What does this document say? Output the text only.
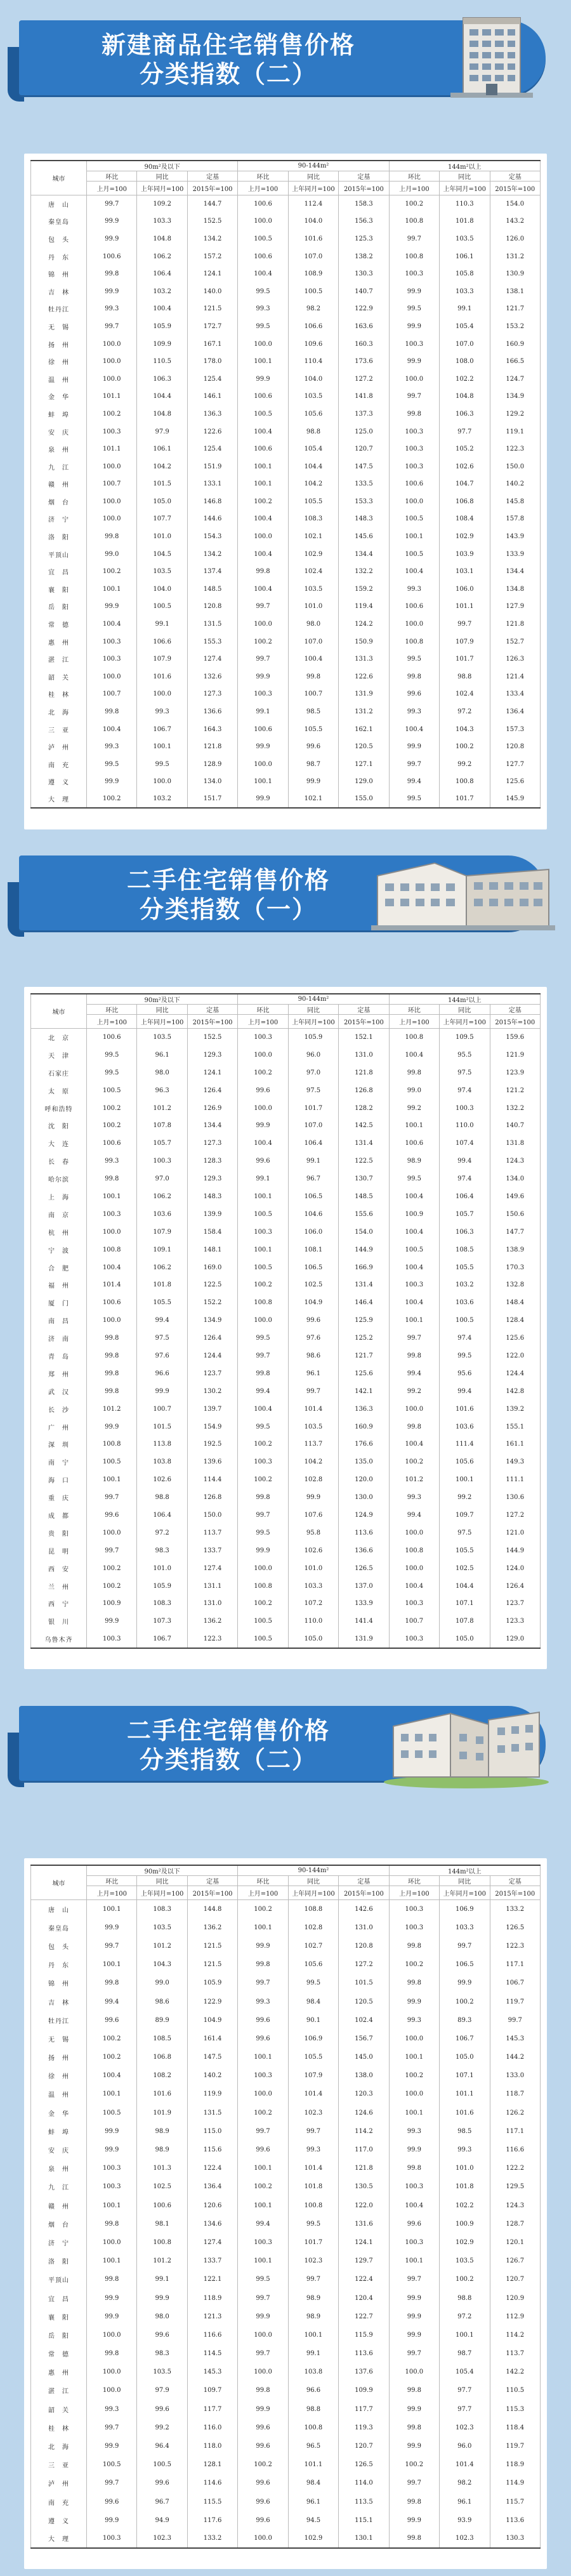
新建商品住宅销售价格
分类指数（二）
城市	90m²及以下			90-144m²			144m²以上		
	环比	同比	定基	环比	同比	定基	环比	同比	定基
	上月=100	上年同月=100	2015年=100	上月=100	上年同月=100	2015年=100	上月=100	上年同月=100	2015年=100
唐　山	99.7	109.2	144.7	100.6	112.4	158.3	100.2	110.3	154.0
秦皇岛	99.9	103.3	152.5	100.0	104.0	156.3	100.8	101.8	143.2
包　头	99.9	104.8	134.2	100.5	101.6	125.3	99.7	103.5	126.0
丹　东	100.6	106.2	157.2	100.6	107.0	138.2	100.8	106.1	131.2
锦　州	99.8	106.4	124.1	100.4	108.9	130.3	100.3	105.8	130.9
吉　林	99.9	103.2	140.0	99.5	100.5	140.7	99.9	103.3	138.1
牡丹江	99.3	100.4	121.5	99.3	98.2	122.9	99.5	99.1	121.7
无　锡	99.7	105.9	172.7	99.5	106.6	163.6	99.9	105.4	153.2
扬　州	100.0	109.9	167.1	100.0	109.6	160.3	100.3	107.0	160.9
徐　州	100.0	110.5	178.0	100.1	110.4	173.6	99.9	108.0	166.5
温　州	100.0	106.3	125.4	99.9	104.0	127.2	100.0	102.2	124.7
金　华	101.1	104.4	146.1	100.6	103.5	141.8	99.7	104.8	134.9
蚌　埠	100.2	104.8	136.3	100.5	105.6	137.3	99.8	106.3	129.2
安　庆	100.3	97.9	122.6	100.4	98.8	125.0	100.3	97.7	119.1
泉　州	101.1	106.1	125.4	100.6	105.4	120.7	100.3	105.2	122.3
九　江	100.0	104.2	151.9	100.1	104.4	147.5	100.3	102.6	150.0
赣　州	100.7	101.5	133.1	100.1	104.2	133.5	100.6	104.7	140.2
烟　台	100.0	105.0	146.8	100.2	105.5	153.3	100.0	106.8	145.8
济　宁	100.0	107.7	144.6	100.4	108.3	148.3	100.5	108.4	157.8
洛　阳	99.8	101.0	154.3	100.0	102.1	145.6	100.1	102.9	143.9
平顶山	99.0	104.5	134.2	100.4	102.9	134.4	100.5	103.9	133.9
宜　昌	100.2	103.5	137.4	99.8	102.4	132.2	100.4	103.1	134.4
襄　阳	100.1	104.0	148.5	100.4	103.5	159.2	99.3	106.0	134.8
岳　阳	99.9	100.5	120.8	99.7	101.0	119.4	100.6	101.1	127.9
常　德	100.4	99.1	131.5	100.0	98.0	124.2	100.0	99.7	121.8
惠　州	100.3	106.6	155.3	100.2	107.0	150.9	100.8	107.9	152.7
湛　江	100.3	107.9	127.4	99.7	100.4	131.3	99.5	101.7	126.3
韶　关	100.0	101.6	132.6	99.9	99.8	122.6	99.8	98.8	121.4
桂　林	100.7	100.0	127.3	100.3	100.7	131.9	99.6	102.4	133.4
北　海	99.8	99.3	136.6	99.1	98.5	131.2	99.3	97.2	136.4
三　亚	100.4	106.7	164.3	100.6	105.5	162.1	100.4	104.3	157.3
泸　州	99.3	100.1	121.8	99.9	99.6	120.5	99.9	100.2	120.8
南　充	99.5	99.5	128.9	100.0	98.7	127.1	99.7	99.2	127.7
遵　义	99.9	100.0	134.0	100.1	99.9	129.0	99.4	100.8	125.6
大　理	100.2	103.2	151.7	99.9	102.1	155.0	99.5	101.7	145.9
二手住宅销售价格
分类指数（一）
城市	90m²及以下			90-144m²			144m²以上		
	环比	同比	定基	环比	同比	定基	环比	同比	定基
	上月=100	上年同月=100	2015年=100	上月=100	上年同月=100	2015年=100	上月=100	上年同月=100	2015年=100
北　京	100.6	103.5	152.5	100.3	105.9	152.1	100.8	109.5	159.6
天　津	99.5	96.1	129.3	100.0	96.0	131.0	100.4	95.5	121.9
石家庄	99.5	98.0	124.1	100.2	97.0	121.8	99.8	97.5	123.9
太　原	100.5	96.3	126.4	99.6	97.5	126.8	99.0	97.4	121.2
呼和浩特	100.2	101.2	126.9	100.0	101.7	128.2	99.2	100.3	132.2
沈　阳	100.2	107.8	134.4	99.9	107.0	142.5	100.1	110.0	140.7
大　连	100.6	105.7	127.3	100.4	106.4	131.4	100.6	107.4	131.8
长　春	99.3	100.3	128.3	99.6	99.1	122.5	98.9	99.4	124.3
哈尔滨	99.8	97.0	129.3	99.1	96.7	130.7	99.5	97.4	134.0
上　海	100.1	106.2	148.3	100.1	106.5	148.5	100.4	106.4	149.6
南　京	100.3	103.6	139.9	100.5	104.6	155.6	100.9	105.7	150.6
杭　州	100.0	107.9	158.4	100.3	106.0	154.0	100.4	106.3	147.7
宁　波	100.8	109.1	148.1	100.1	108.1	144.9	100.5	108.5	138.9
合　肥	100.4	106.2	169.0	100.5	106.5	166.9	100.4	105.5	170.3
福　州	101.4	101.8	122.5	100.2	102.5	131.4	100.3	103.2	132.8
厦　门	100.6	105.5	152.2	100.8	104.9	146.4	100.4	103.6	148.4
南　昌	100.0	99.4	134.9	100.0	99.6	125.9	100.1	100.5	128.4
济　南	99.8	97.5	126.4	99.5	97.6	125.2	99.7	97.4	125.6
青　岛	99.8	97.6	124.4	99.7	98.6	121.7	99.8	99.5	122.0
郑　州	99.8	96.6	123.7	99.8	96.1	125.6	99.4	95.6	124.4
武　汉	99.8	99.9	130.2	99.4	99.7	142.1	99.2	99.4	142.8
长　沙	101.2	100.7	139.7	100.4	101.4	136.3	100.0	101.6	139.2
广　州	99.9	101.5	154.9	99.5	103.5	160.9	99.8	103.6	155.1
深　圳	100.8	113.8	192.5	100.2	113.7	176.6	100.4	111.4	161.1
南　宁	100.5	103.8	139.6	100.3	104.2	135.0	100.2	105.6	149.3
海　口	100.1	102.6	114.4	100.2	102.8	120.0	101.2	100.1	111.1
重　庆	99.7	98.8	126.8	99.8	99.9	130.0	99.3	99.2	130.6
成　都	99.6	106.4	150.0	99.7	107.6	124.9	99.4	109.7	127.2
贵　阳	100.0	97.2	113.7	99.5	95.8	113.6	100.0	97.5	121.0
昆　明	99.7	98.3	133.7	99.9	102.6	136.6	100.8	105.5	144.9
西　安	100.2	101.0	127.4	100.0	101.0	126.5	100.0	102.5	124.0
兰　州	100.2	105.9	131.1	100.8	103.3	137.0	100.4	104.4	126.4
西　宁	100.9	108.3	131.0	100.2	107.2	133.9	100.3	107.1	123.7
银　川	99.9	107.3	136.2	100.5	110.0	141.4	100.7	107.8	123.3
乌鲁木齐	100.3	106.7	122.3	100.5	105.0	131.9	100.3	105.0	129.0
二手住宅销售价格
分类指数（二）
城市	90m²及以下			90-144m²			144m²以上		
	环比	同比	定基	环比	同比	定基	环比	同比	定基
	上月=100	上年同月=100	2015年=100	上月=100	上年同月=100	2015年=100	上月=100	上年同月=100	2015年=100
唐　山	100.1	108.3	144.8	100.2	108.8	142.6	100.3	106.9	133.2
秦皇岛	99.9	103.5	136.2	100.1	102.8	131.0	100.3	103.3	126.5
包　头	99.7	101.2	121.5	99.9	102.7	120.8	99.8	99.7	122.3
丹　东	100.1	104.3	121.5	99.8	105.6	127.2	100.2	106.5	117.1
锦　州	99.8	99.0	105.9	99.7	99.5	101.5	99.8	99.9	106.7
吉　林	99.4	98.6	122.9	99.3	98.4	120.5	99.9	100.2	119.7
牡丹江	99.6	89.9	104.9	99.6	90.1	102.4	99.3	89.3	99.7
无　锡	100.2	108.5	161.4	99.6	106.9	156.7	100.0	106.7	145.3
扬　州	100.2	106.8	147.5	100.1	105.5	145.0	100.1	105.0	144.2
徐　州	100.4	108.2	140.2	100.3	107.9	138.0	100.2	107.1	133.0
温　州	100.1	101.6	119.9	100.0	101.4	120.3	100.0	101.1	118.7
金　华	100.5	101.9	131.5	100.2	102.3	124.6	100.1	101.6	126.2
蚌　埠	99.9	98.9	115.0	99.7	99.7	114.2	99.3	98.5	117.1
安　庆	99.9	98.9	115.6	99.6	99.3	117.0	99.9	99.3	116.6
泉　州	100.3	101.3	122.4	100.1	101.4	121.8	99.8	101.0	122.2
九　江	100.3	102.5	136.4	100.2	101.8	130.5	100.3	101.8	129.5
赣　州	100.1	100.6	120.6	100.1	100.8	122.0	100.4	102.2	124.3
烟　台	99.8	98.1	134.6	99.4	99.5	131.6	99.6	100.9	128.7
济　宁	100.0	100.8	127.4	100.3	101.7	124.1	100.3	102.9	120.1
洛　阳	100.1	101.2	133.7	100.1	102.3	129.7	100.1	103.5	126.7
平顶山	99.8	99.1	122.1	99.5	99.7	122.4	99.7	100.2	120.7
宜　昌	99.9	99.9	118.9	99.7	98.9	120.4	99.9	98.8	120.9
襄　阳	99.9	98.0	121.3	99.9	98.9	122.7	99.9	97.2	112.9
岳　阳	100.0	99.6	116.6	100.0	100.1	115.9	99.9	100.1	114.2
常　德	99.8	98.3	114.5	99.7	99.1	113.6	99.7	98.7	113.7
惠　州	100.0	103.5	145.3	100.0	103.8	137.6	100.0	105.4	142.2
湛　江	100.0	97.9	109.7	99.8	96.6	109.9	99.8	97.7	110.5
韶　关	99.3	99.6	117.7	99.9	98.8	117.7	99.9	97.7	115.3
桂　林	99.7	99.2	116.0	99.6	100.8	119.3	99.8	102.3	118.4
北　海	99.9	96.4	118.0	99.6	96.5	120.7	99.9	96.0	119.7
三　亚	100.5	100.5	128.1	100.2	101.1	126.5	100.2	101.4	118.9
泸　州	99.7	99.6	114.6	99.6	98.4	114.0	99.7	98.2	114.9
南　充	99.6	96.7	115.5	99.6	96.1	113.5	99.8	96.1	115.7
遵　义	99.9	94.9	117.6	99.6	94.5	115.1	99.9	93.9	113.6
大　理	100.3	102.3	133.2	100.0	102.9	130.1	99.8	102.3	130.3
